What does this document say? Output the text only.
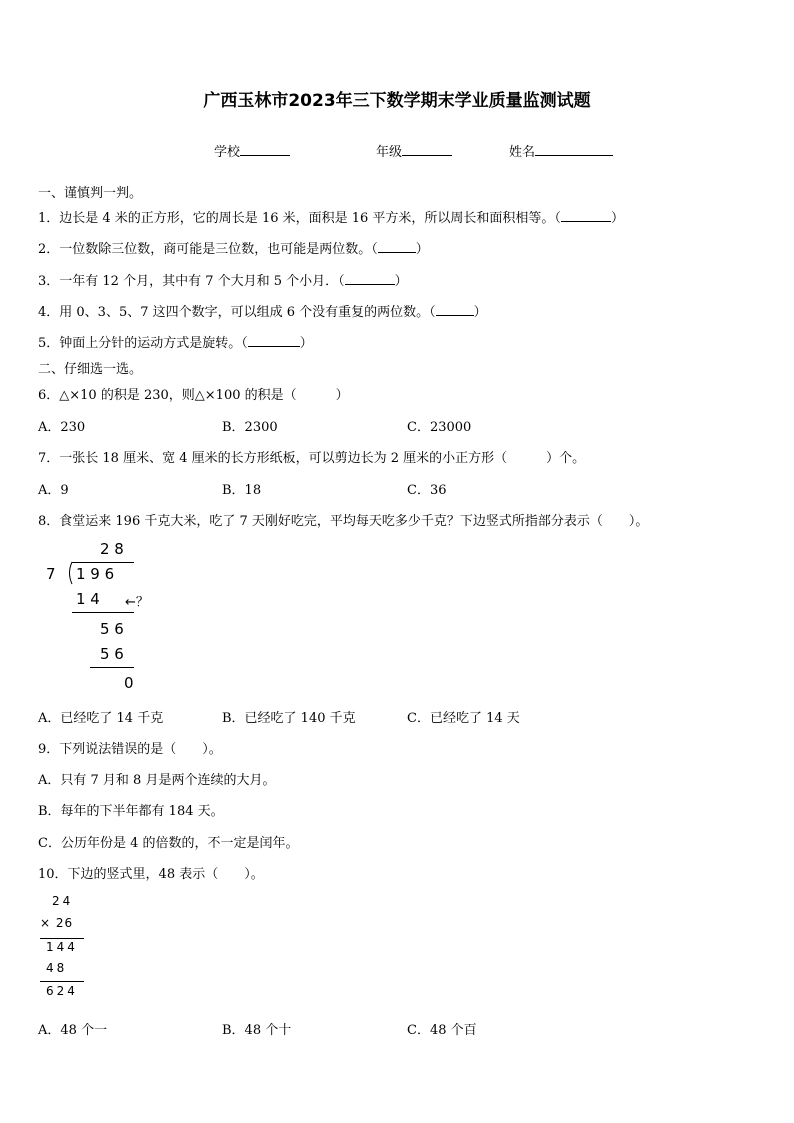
广西玉林市2023年三下数学期末学业质量监测试题
学校	年级	姓名
一、谨慎判一判。
1．边长是 4 米的正方形，它的周长是 16 米，面积是 16 平方米，所以周长和面积相等。（	）
2．一位数除三位数，商可能是三位数，也可能是两位数。（	）
3．一年有 12 个月，其中有 7 个大月和 5 个小月．（	）
4．用 0、3、5、7 这四个数字，可以组成 6 个没有重复的两位数。（	）
5．钟面上分针的运动方式是旋转。（	）
二、仔细选一选。
6．△×10 的积是 230，则△×100 的积是（　　　）
A．230	B．2300	C．23000
7．一张长 18 厘米、宽 4 厘米的长方形纸板，可以剪边长为 2 厘米的小正方形（　　　）个。
A．9	B．18	C．36
8．食堂运来 196 千克大米，吃了 7 天刚好吃完，平均每天吃多少千克？下边竖式所指部分表示（　　）。
2 8
7 1 9 6
1 4 ←？
5 6
5 6
0
A．已经吃了 14 千克	B．已经吃了 140 千克	C．已经吃了 14 天
9．下列说法错误的是（　　）。
A．只有 7 月和 8 月是两个连续的大月。
B．每年的下半年都有 184 天。
C．公历年份是 4 的倍数的，不一定是闰年。
10．下边的竖式里，48 表示（　　）。
24
× 26
144
48
624
A．48 个一	B．48 个十	C．48 个百
